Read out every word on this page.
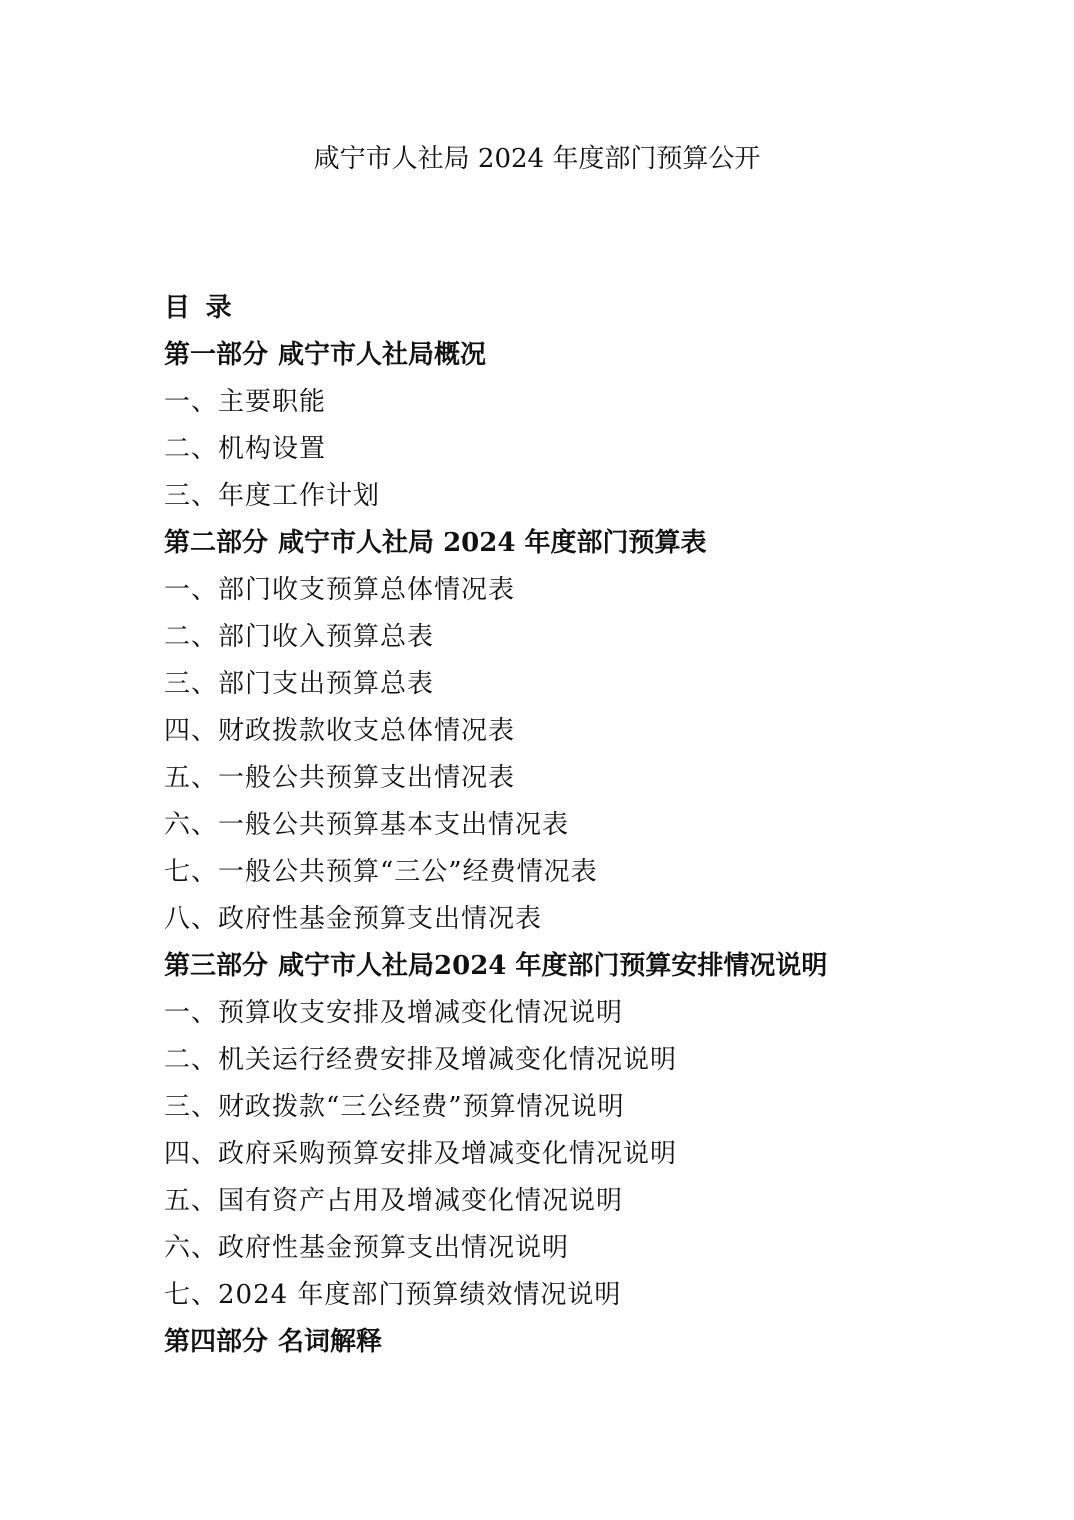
咸宁市人社局 2024 年度部门预算公开
目 录
第一部分 咸宁市人社局概况
一、主要职能
二、机构设置
三、年度工作计划
第二部分 咸宁市人社局 2024 年度部门预算表
一、部门收支预算总体情况表
二、部门收入预算总表
三、部门支出预算总表
四、财政拨款收支总体情况表
五、一般公共预算支出情况表
六、一般公共预算基本支出情况表
七、一般公共预算“三公”经费情况表
八、政府性基金预算支出情况表
第三部分 咸宁市人社局2024 年度部门预算安排情况说明
一、预算收支安排及增减变化情况说明
二、机关运行经费安排及增减变化情况说明
三、财政拨款“三公经费”预算情况说明
四、政府采购预算安排及增减变化情况说明
五、国有资产占用及增减变化情况说明
六、政府性基金预算支出情况说明
七、2024 年度部门预算绩效情况说明
第四部分 名词解释
